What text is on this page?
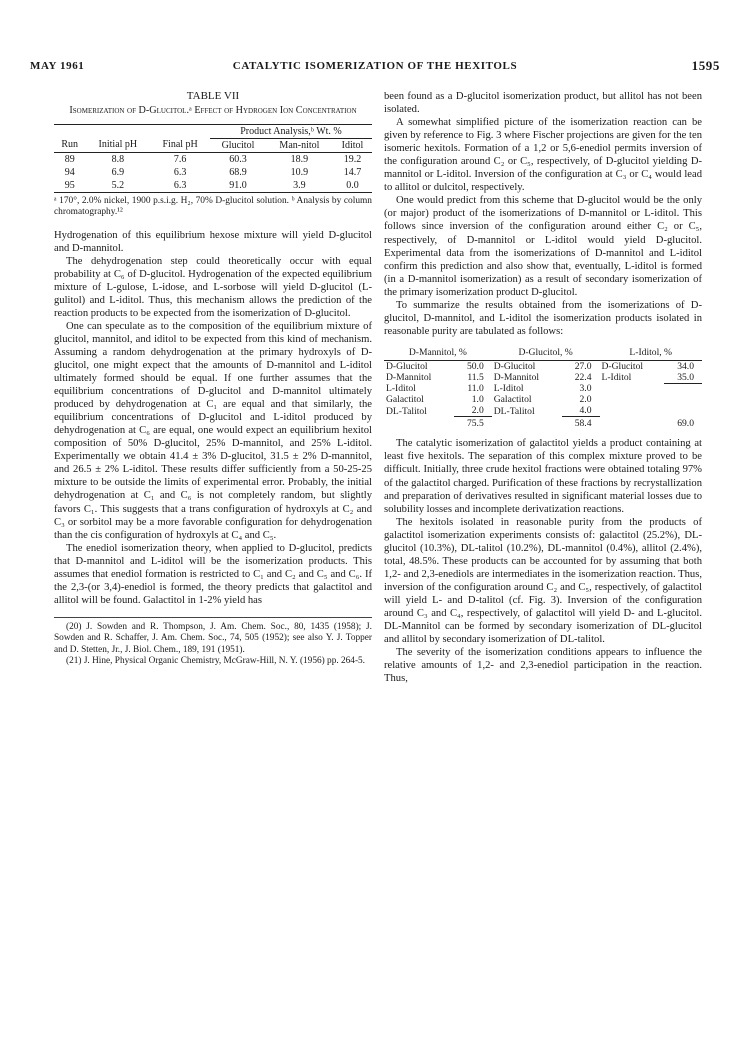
MAY 1961	CATALYTIC ISOMERIZATION OF THE HEXITOLS	1595
TABLE VII
Isomerization of D-Glucitol.ᵃ Effect of Hydrogen Ion Concentration
			Product Analysis,ᵇ Wt. %		
Run	Initial pH	Final pH	Glucitol	Man-nitol	Iditol
89	8.8	7.6	60.3	18.9	19.2
94	6.9	6.3	68.9	10.9	14.7
95	5.2	6.3	91.0	3.9	0.0
ᵃ 170°, 2.0% nickel, 1900 p.s.i.g. H₂, 70% D-glucitol solution. ᵇ Analysis by column chromatography.¹²

Hydrogenation of this equilibrium hexose mixture will yield D-glucitol and D-mannitol.

The dehydrogenation step could theoretically occur with equal probability at C₆ of D-glucitol. Hydrogenation of the expected equilibrium mixture of L-gulose, L-idose, and L-sorbose will yield D-glucitol (L-gulitol) and L-iditol. Thus, this mechanism allows the prediction of the reaction products to be expected from the isomerization of D-glucitol.

One can speculate as to the composition of the equilibrium mixture of glucitol, mannitol, and iditol to be expected from this kind of mechanism. Assuming a random dehydrogenation at the primary hydroxyls of D-glucitol, one might expect that the amounts of D-mannitol and L-iditol ultimately formed should be equal. If one further assumes that the equilibrium concentrations of D-glucitol and D-mannitol ultimately produced by dehydrogenation at C₁ are equal and that similarly, the equilibrium concentrations of D-glucitol and L-iditol produced by dehydrogenation at C₆ are equal, one would expect an equilibrium hexitol composition of 50% D-glucitol, 25% D-mannitol, and 25% L-iditol. Experimentally we obtain 41.4 ± 3% D-glucitol, 31.5 ± 2% D-mannitol, and 26.5 ± 2% L-iditol. These results differ sufficiently from a 50-25-25 mixture to be outside the limits of experimental error. Probably, the initial dehydrogenation at C₁ and C₆ is not completely random, but slightly favors C₁. This suggests that a trans configuration of hydroxyls at C₂ and C₃ or sorbitol may be a more favorable configuration for dehydrogenation than the cis configuration of hydroxyls at C₄ and C₅.

The enediol isomerization theory, when applied to D-glucitol, predicts that D-mannitol and L-iditol will be the isomerization products. This assumes that enediol formation is restricted to C₁ and C₂ and C₅ and C₆. If the 2,3-(or 3,4)-enediol is formed, the theory predicts that galactitol and allitol will be found. Galactitol in 1-2% yield has

(20) J. Sowden and R. Thompson, J. Am. Chem. Soc., 80, 1435 (1958); J. Sowden and R. Schaffer, J. Am. Chem. Soc., 74, 505 (1952); see also Y. J. Topper and D. Stetten, Jr., J. Biol. Chem., 189, 191 (1951).

(21) J. Hine, Physical Organic Chemistry, McGraw-Hill, N. Y. (1956) pp. 264-5.

been found as a D-glucitol isomerization product, but allitol has not been isolated.

A somewhat simplified picture of the isomerization reaction can be given by reference to Fig. 3 where Fischer projections are given for the ten isomeric hexitols. Formation of a 1,2 or 5,6-enediol permits inversion of the configuration around C₂ or C₅, respectively, of D-glucitol yielding D-mannitol or L-iditol. Inversion of the configuration at C₃ or C₄ would lead to allitol or dulcitol, respectively.

One would predict from this scheme that D-glucitol would be the only (or major) product of the isomerizations of D-mannitol or L-iditol. This follows since inversion of the configuration around either C₂ or C₅, respectively, of D-mannitol or L-iditol would yield D-glucitol. Experimental data from the isomerizations of D-mannitol and L-iditol confirm this prediction and also show that, eventually, L-iditol is formed (in a D-mannitol isomerization) as a result of secondary isomerization of the primary isomerization product D-glucitol.

To summarize the results obtained from the isomerizations of D-glucitol, D-mannitol, and L-iditol the isomerization products isolated in reasonable purity are tabulated as follows:

D-Mannitol, %		D-Glucitol, %		L-Iditol, %	
D-Glucitol	50.0	D-Glucitol	27.0	D-Glucitol	34.0
D-Mannitol	11.5	D-Mannitol	22.4	L-Iditol	35.0
L-Iditol	11.0	L-Iditol	3.0		
Galactitol	1.0	Galactitol	2.0		
DL-Talitol	2.0	DL-Talitol	4.0		
	75.5		58.4		69.0

The catalytic isomerization of galactitol yields a product containing at least five hexitols. The separation of this complex mixture proved to be difficult. Initially, three crude hexitol fractions were obtained totaling 97% of the galactitol charged. Purification of these fractions by recrystallization and preparation of derivatives resulted in significant material losses due to solubility losses and incomplete derivatization reactions.

The hexitols isolated in reasonable purity from the products of galactitol isomerization experiments consists of: galactitol (25.2%), DL-glucitol (10.3%), DL-talitol (10.2%), DL-mannitol (0.4%), allitol (2.4%), total, 48.5%. These products can be accounted for by assuming that both 1,2- and 2,3-enediols are intermediates in the isomerization reaction. Thus, inversion of the configuration around C₂ and C₅, respectively, of galactitol will yield L- and D-talitol (cf. Fig. 3). Inversion of the configuration around C₃ and C₄, respectively, of galactitol will yield D- and L-glucitol. DL-Mannitol can be formed by secondary isomerization of DL-glucitol and allitol by secondary isomerization of DL-talitol.

The severity of the isomerization conditions appears to influence the relative amounts of 1,2- and 2,3-enediol participation in the reaction. Thus,
